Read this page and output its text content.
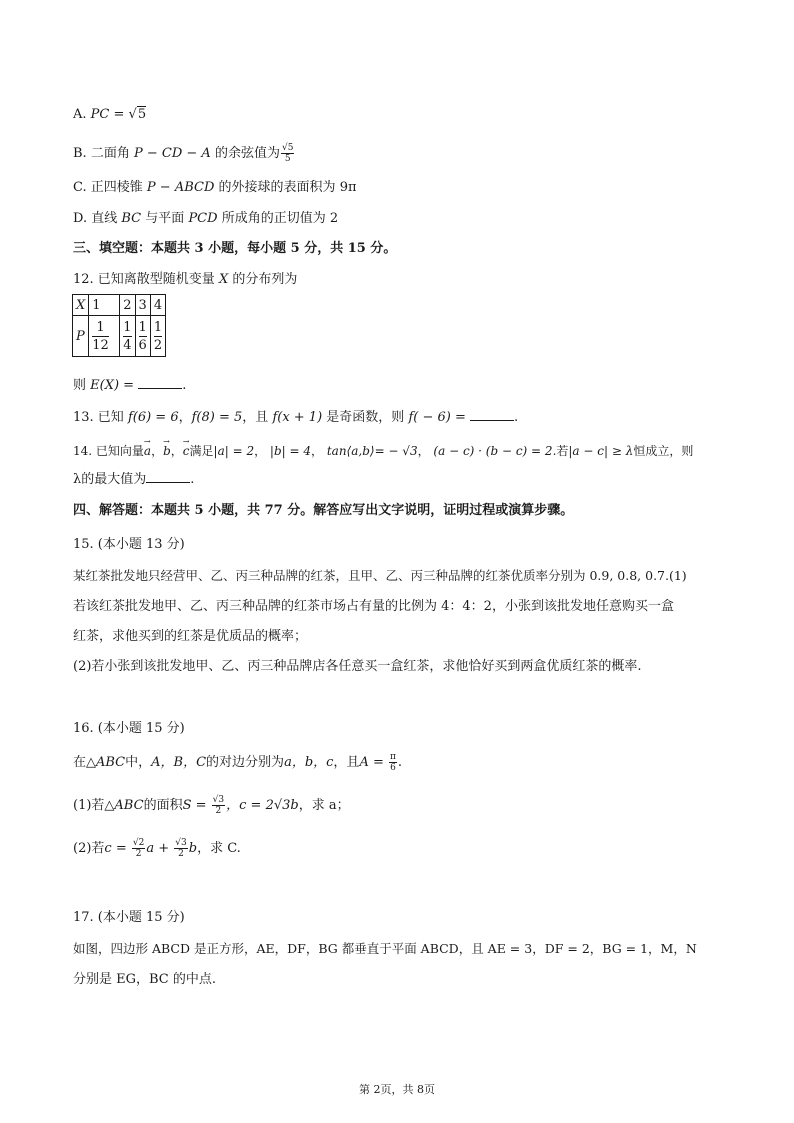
A. PC = √5
B. 二面角 P − CD − A 的余弦值为 $\frac{√5}{5}$
C. 正四棱锥 P − ABCD 的外接球的表面积为 9π
D. 直线 BC 与平面 PCD 所成角的正切值为 2
三、填空题：本题共 3 小题，每小题 5 分，共 15 分。
12. 已知离散型随机变量 X 的分布列为
X	1	2	3	4
P	$\frac{1}{12}$	$\frac{1}{4}$	$\frac{1}{6}$	$\frac{1}{2}$
则 E(X) =	.
13. 已知 f(6) = 6，f(8) = 5，且 f(x + 1) 是奇函数，则 f( − 6) =	.
14. 已知向量→ a，→ b，→ c满足|a| = 2， |b| = 4， tan⟨a,b⟩= − √3， (a − c) · (b − c) = 2.若|a − c| ≥ λ恒成立，则
λ的最大值为	.
四、解答题：本题共 5 小题，共 77 分。解答应写出文字说明，证明过程或演算步骤。
15. (本小题 13 分)
某红茶批发地只经营甲、乙、丙三种品牌的红茶，且甲、乙、丙三种品牌的红茶优质率分别为 0.9, 0.8, 0.7.(1)
若该红茶批发地甲、乙、丙三种品牌的红茶市场占有量的比例为 4：4：2，小张到该批发地任意购买一盒
红茶，求他买到的红茶是优质品的概率；
(2)若小张到该批发地甲、乙、丙三种品牌店各任意买一盒红茶，求他恰好买到两盒优质红茶的概率.
16. (本小题 15 分)
在△ABC中，A，B，C的对边分别为a，b，c，且$A = \frac{\pi}{6}$ .
(1)若△ABC的面积$S = \frac{√3}{2}$ ，c = 2√3b，求 a；
(2)若$c = \frac{√2}{2}$ $a + \frac{√3}{2}$ b，求 C.
17. (本小题 15 分)
如图，四边形 ABCD 是正方形，AE，DF，BG 都垂直于平面 ABCD，且 AE = 3，DF = 2，BG = 1，M，N
分别是 EG，BC 的中点.
第 2页，共 8页
